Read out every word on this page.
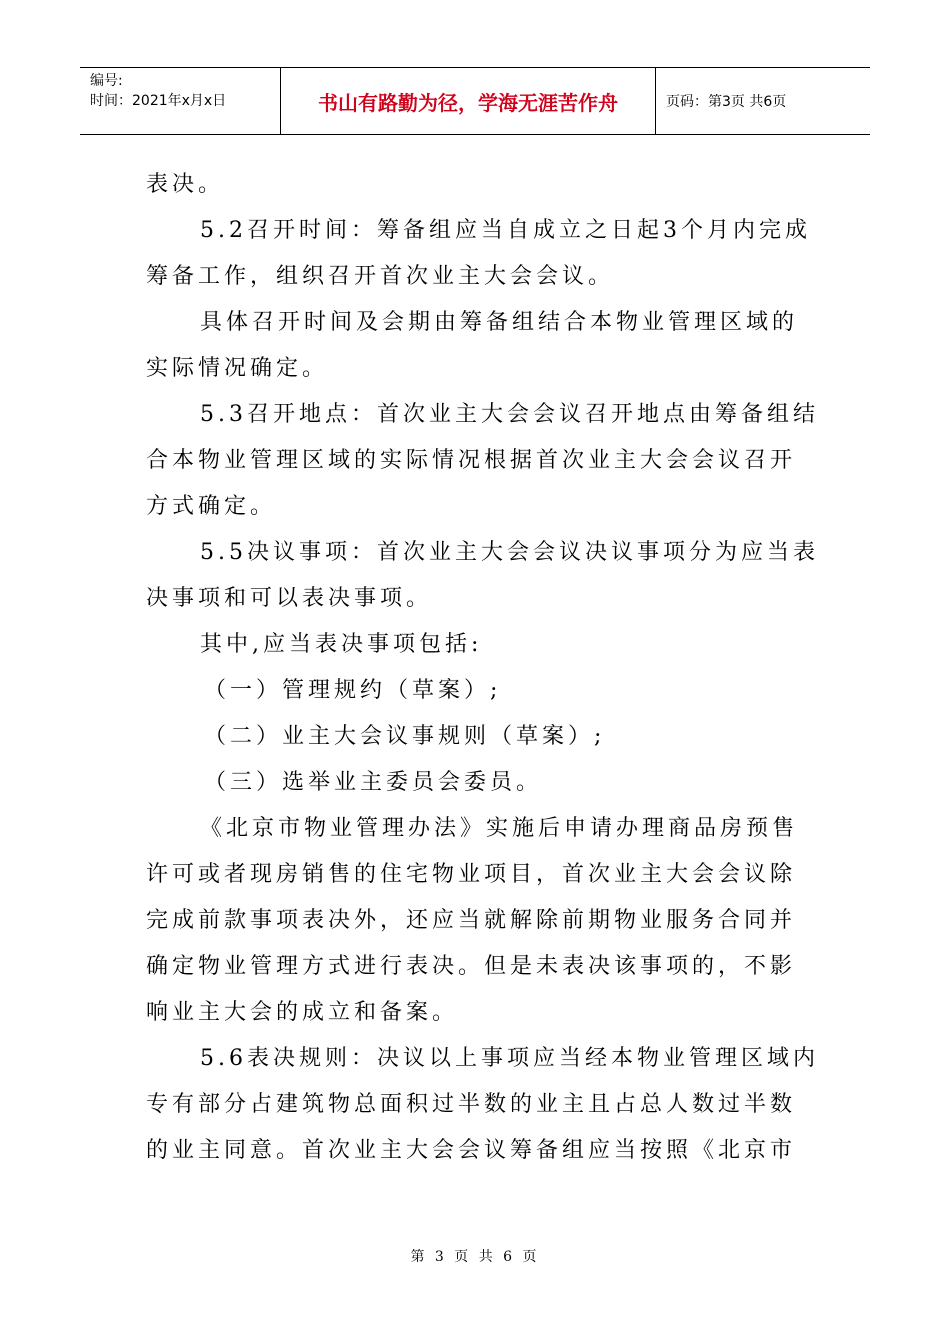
编号:
时间：2021年x月x日	书山有路勤为径，学海无涯苦作舟	页码：第3页 共6页

表决。

5.2召开时间：筹备组应当自成立之日起3个月内完成

筹备工作，组织召开首次业主大会会议。

具体召开时间及会期由筹备组结合本物业管理区域的

实际情况确定。

5.3召开地点：首次业主大会会议召开地点由筹备组结

合本物业管理区域的实际情况根据首次业主大会会议召开

方式确定。

5.5决议事项：首次业主大会会议决议事项分为应当表

决事项和可以表决事项。

其中,应当表决事项包括:

（一）管理规约（草案）;

（二）业主大会议事规则（草案）;

（三）选举业主委员会委员。

《北京市物业管理办法》实施后申请办理商品房预售

许可或者现房销售的住宅物业项目，首次业主大会会议除

完成前款事项表决外，还应当就解除前期物业服务合同并

确定物业管理方式进行表决。但是未表决该事项的，不影

响业主大会的成立和备案。

5.6表决规则：决议以上事项应当经本物业管理区域内

专有部分占建筑物总面积过半数的业主且占总人数过半数

的业主同意。首次业主大会会议筹备组应当按照《北京市

第 3 页 共 6 页
